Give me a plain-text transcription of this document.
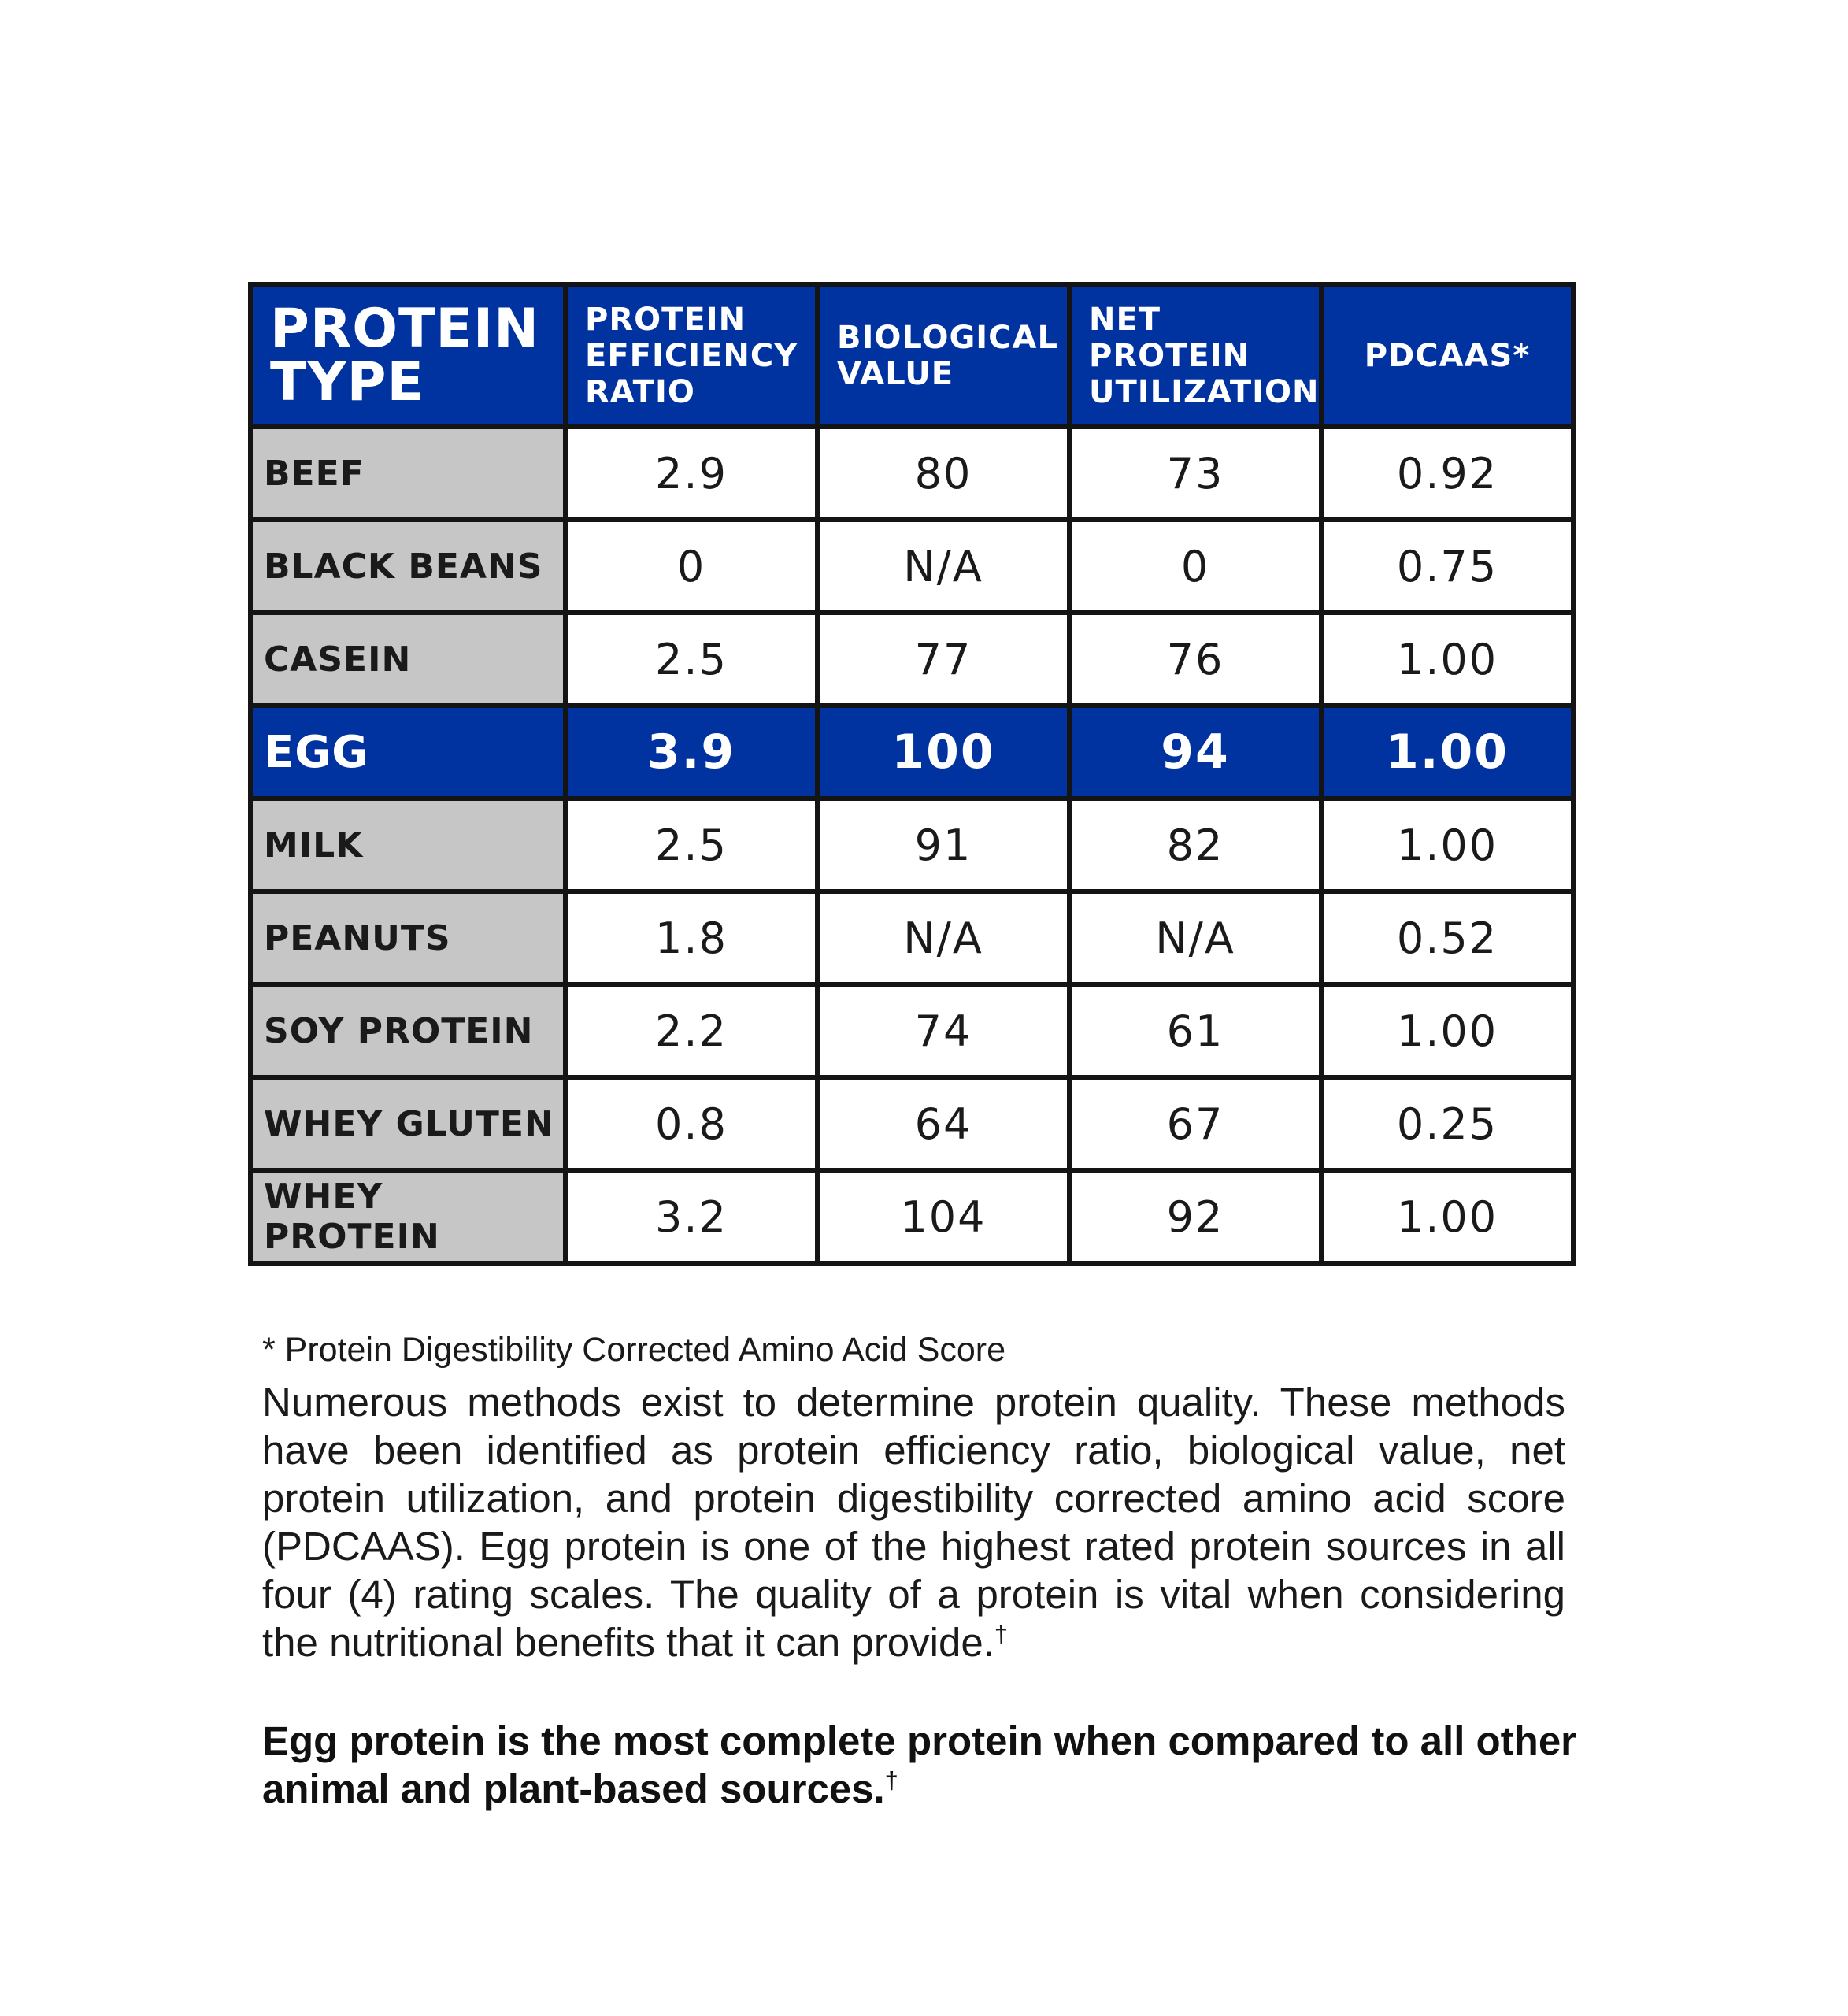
PROTEIN TYPE	PROTEIN EFFICIENCY RATIO	BIOLOGICAL VALUE	NET PROTEIN UTILIZATION	PDCAAS*
BEEF	2.9	80	73	0.92
BLACK BEANS	0	N/A	0	0.75
CASEIN	2.5	77	76	1.00
EGG	3.9	100	94	1.00
MILK	2.5	91	82	1.00
PEANUTS	1.8	N/A	N/A	0.52
SOY PROTEIN	2.2	74	61	1.00
WHEY GLUTEN	0.8	64	67	0.25
WHEY PROTEIN	3.2	104	92	1.00
* Protein Digestibility Corrected Amino Acid Score

Numerous methods exist to determine protein quality. These methods have been identified as protein efficiency ratio, biological value, net protein utilization, and protein digestibility corrected amino acid score (PDCAAS). Egg protein is one of the highest rated protein sources in all four (4) rating scales. The quality of a protein is vital when considering the nutritional benefits that it can provide.†

Egg protein is the most complete protein when compared to all other animal and plant-based sources.†
